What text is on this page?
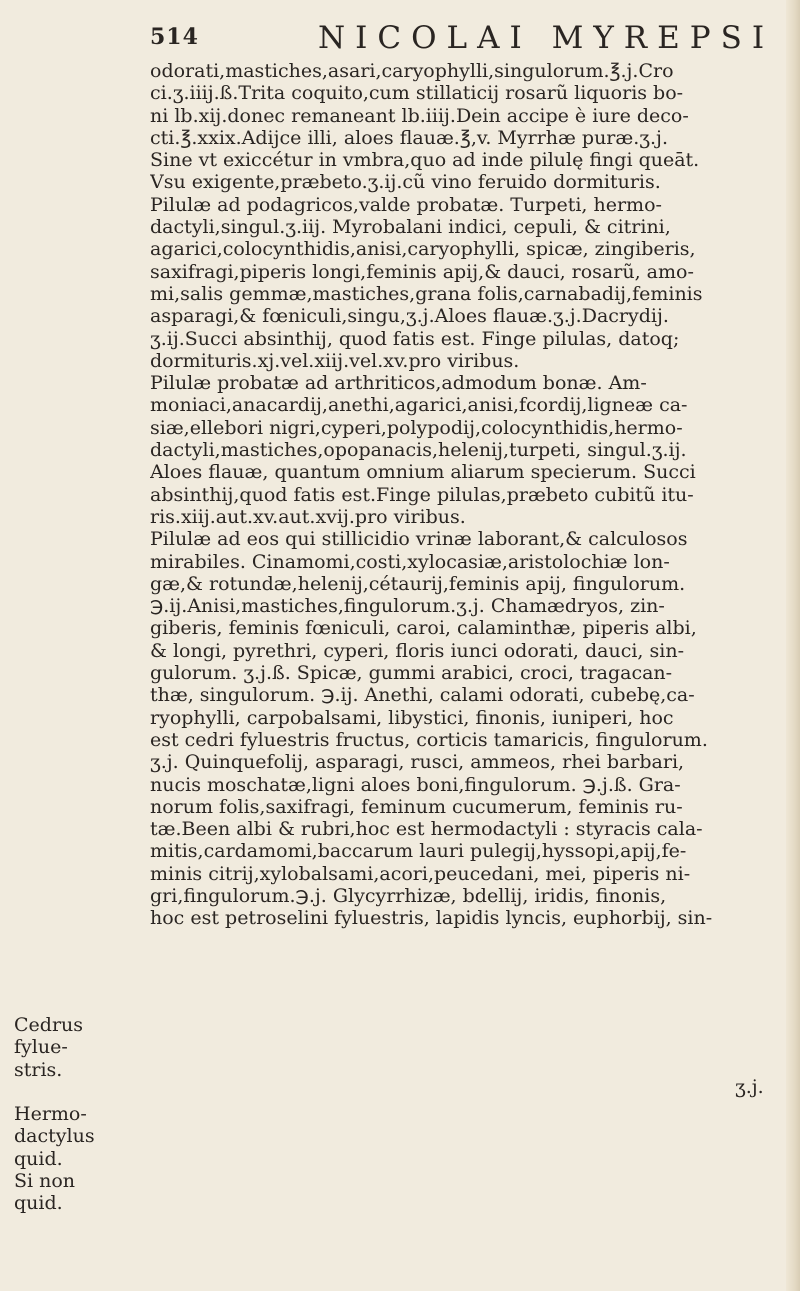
514	NICOLAI MYREPSI
odorati,mastiches,asari,caryophylli,singulorum.℥.j.Cro
ci.ʒ.iiij.ß.Trita coquito,cum stillaticij rosarũ liquoris bo-
ni lb.xij.donec remaneant lb.iiij.Dein accipe è iure deco-
cti.℥.xxix.Adijce illi, aloes flauæ.℥,v. Myrrhæ puræ.ʒ.j.
Sine vt exiccétur in vmbra,quo ad inde pilulę fingi queāt.
Vsu exigente,præbeto.ʒ.ij.cũ vino feruido dormituris.
Pilulæ ad podagricos,valde probatæ. Turpeti, hermo-
dactyli,singul.ʒ.iij. Myrobalani indici, cepuli, & citrini,
agarici,colocynthidis,anisi,caryophylli, spicæ, zingiberis,
saxifragi,piperis longi,feminis apij,& dauci, rosarũ, amo-
mi,salis gemmæ,mastiches,grana folis,carnabadij,feminis
asparagi,& fœniculi,singu,ʒ.j.Aloes flauæ.ʒ.j.Dacrydij.
ʒ.ij.Succi absinthij, quod fatis est. Finge pilulas, datoq;
dormituris.xj.vel.xiij.vel.xv.pro viribus.
Pilulæ probatæ ad arthriticos,admodum bonæ. Am-
moniaci,anacardij,anethi,agarici,anisi,fcordij,ligneæ ca-
siæ,ellebori nigri,cyperi,polypodij,colocynthidis,hermo-
dactyli,mastiches,opopanacis,helenij,turpeti, singul.ʒ.ij.
Aloes flauæ, quantum omnium aliarum specierum. Succi
absinthij,quod fatis est.Finge pilulas,præbeto cubitũ itu-
ris.xiij.aut.xv.aut.xvij.pro viribus.
Pilulæ ad eos qui stillicidio vrinæ laborant,& calculosos
mirabiles. Cinamomi,costi,xylocasiæ,aristolochiæ lon-
gæ,& rotundæ,helenij,cétaurij,feminis apij, fingulorum.
℈.ij.Anisi,mastiches,fingulorum.ʒ.j. Chamædryos, zin-
giberis, feminis fœniculi, caroi, calaminthæ, piperis albi,
& longi, pyrethri, cyperi, floris iunci odorati, dauci, sin-
gulorum. ʒ.j.ß. Spicæ, gummi arabici, croci, tragacan-
thæ, singulorum. ℈.ij. Anethi, calami odorati, cubebę,ca-
ryophylli, carpobalsami, libysti̇ci, finonis, iuniperi, hoc
est cedri fyluestris fructus, corticis tamaricis, fingulorum.
ʒ.j. Quinquefolij, asparagi, rusci, ammeos, rhei barbari,
nucis moschatæ,ligni aloes boni,fingulorum. ℈.j.ß. Gra-
norum folis,saxifragi, feminum cucumerum, feminis ru-
tæ.Been albi & rubri,hoc est hermodactyli : styracis cala-
mitis,cardamomi,baccarum lauri pulegij,hyssopi,apij,fe-
minis citrij,xylobalsami,acori,peucedani, mei, piperis ni-
gri,fingulorum.℈.j. Glycyrrhizæ, bdellij, iridis, finonis,
hoc est petroselini fyluestris, lapidis lyncis, euphorbij, sin-
Cedrus
fylue-
stris.
Hermo-
dactylus
quid.
Si non
quid.
ʒ.j.
